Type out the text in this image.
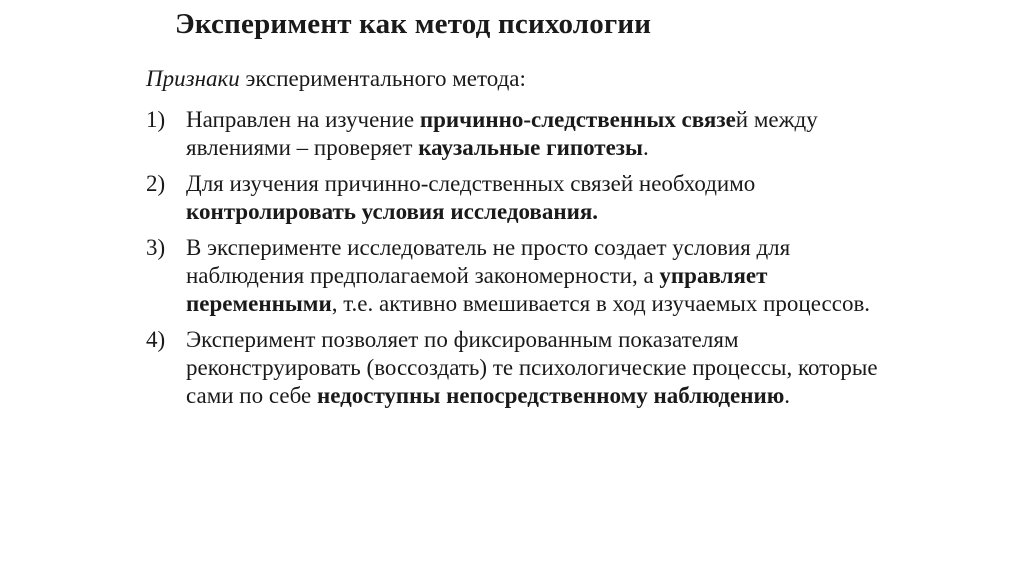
Эксперимент как метод психологии

Признаки экспериментального метода:

1) Направлен на изучение причинно-следственных связей между явлениями – проверяет каузальные гипотезы.
2) Для изучения причинно-следственных связей необходимо контролировать условия исследования.
3) В эксперименте исследователь не просто создает условия для наблюдения предполагаемой закономерности, а управляет переменными, т.е. активно вмешивается в ход изучаемых процессов.
4) Эксперимент позволяет по фиксированным показателям реконструировать (воссоздать) те психологические процессы, которые сами по себе недоступны непосредственному наблюдению.
